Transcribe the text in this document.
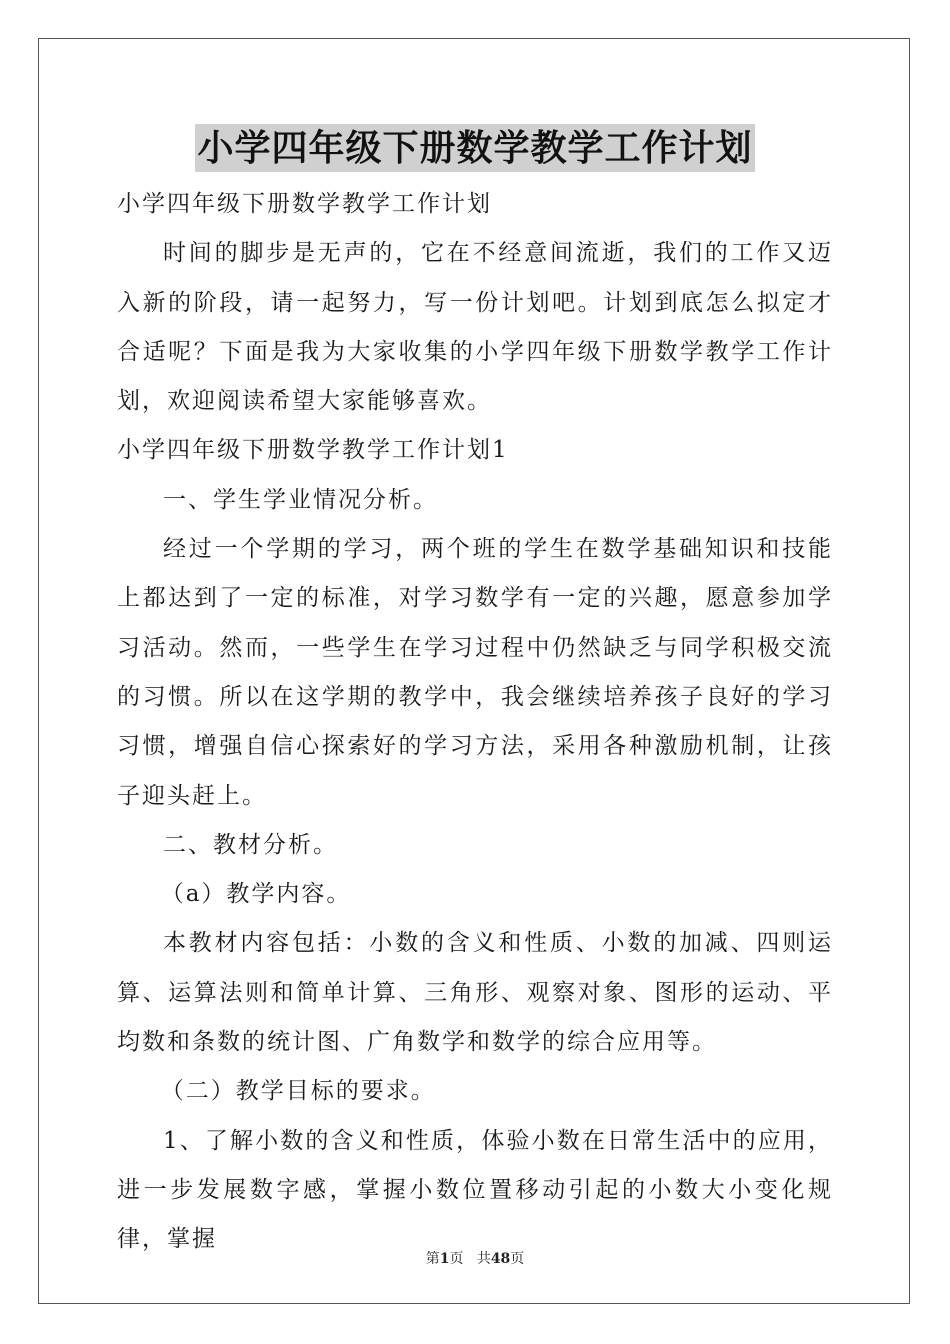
小学四年级下册数学教学工作计划

小学四年级下册数学教学工作计划

时间的脚步是无声的，它在不经意间流逝，我们的工作又迈入新的阶段，请一起努力，写一份计划吧。计划到底怎么拟定才合适呢？下面是我为大家收集的小学四年级下册数学教学工作计划，欢迎阅读希望大家能够喜欢。

小学四年级下册数学教学工作计划1

一、学生学业情况分析。

经过一个学期的学习，两个班的学生在数学基础知识和技能上都达到了一定的标准，对学习数学有一定的兴趣，愿意参加学习活动。然而，一些学生在学习过程中仍然缺乏与同学积极交流的习惯。所以在这学期的教学中，我会继续培养孩子良好的学习习惯，增强自信心探索好的学习方法，采用各种激励机制，让孩子迎头赶上。

二、教材分析。

（a）教学内容。

本教材内容包括：小数的含义和性质、小数的加减、四则运算、运算法则和简单计算、三角形、观察对象、图形的运动、平均数和条数的统计图、广角数学和数学的综合应用等。

（二）教学目标的要求。

1、了解小数的含义和性质，体验小数在日常生活中的应用，进一步发展数字感，掌握小数位置移动引起的小数大小变化规律，掌握

第1页 共48页
